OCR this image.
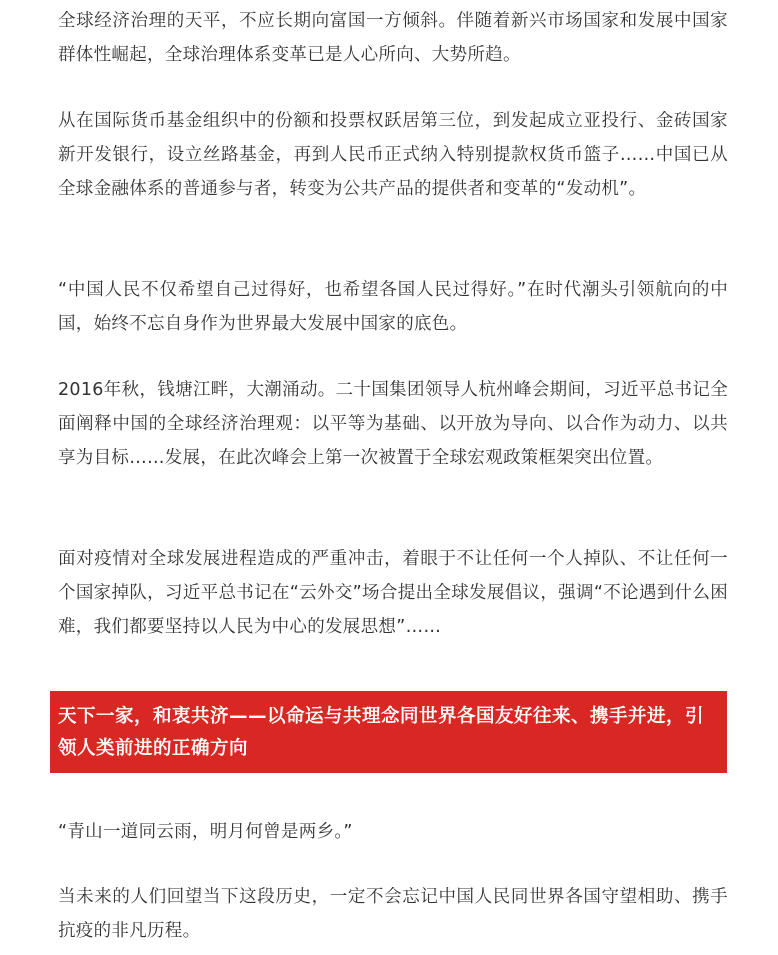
全球经济治理的天平，不应长期向富国一方倾斜。伴随着新兴市场国家和发展中国家群体性崛起，全球治理体系变革已是人心所向、大势所趋。

从在国际货币基金组织中的份额和投票权跃居第三位，到发起成立亚投行、金砖国家新开发银行，设立丝路基金，再到人民币正式纳入特别提款权货币篮子……中国已从全球金融体系的普通参与者，转变为公共产品的提供者和变革的“发动机”。

“中国人民不仅希望自己过得好，也希望各国人民过得好。”在时代潮头引领航向的中国，始终不忘自身作为世界最大发展中国家的底色。

2016年秋，钱塘江畔，大潮涌动。二十国集团领导人杭州峰会期间，习近平总书记全面阐释中国的全球经济治理观：以平等为基础、以开放为导向、以合作为动力、以共享为目标……发展，在此次峰会上第一次被置于全球宏观政策框架突出位置。

面对疫情对全球发展进程造成的严重冲击，着眼于不让任何一个人掉队、不让任何一个国家掉队，习近平总书记在“云外交”场合提出全球发展倡议，强调“不论遇到什么困难，我们都要坚持以人民为中心的发展思想”……

“青山一道同云雨，明月何曾是两乡。”

当未来的人们回望当下这段历史，一定不会忘记中国人民同世界各国守望相助、携手抗疫的非凡历程。

天下一家，和衷共济——以命运与共理念同世界各国友好往来、携手并进，引领人类前进的正确方向
